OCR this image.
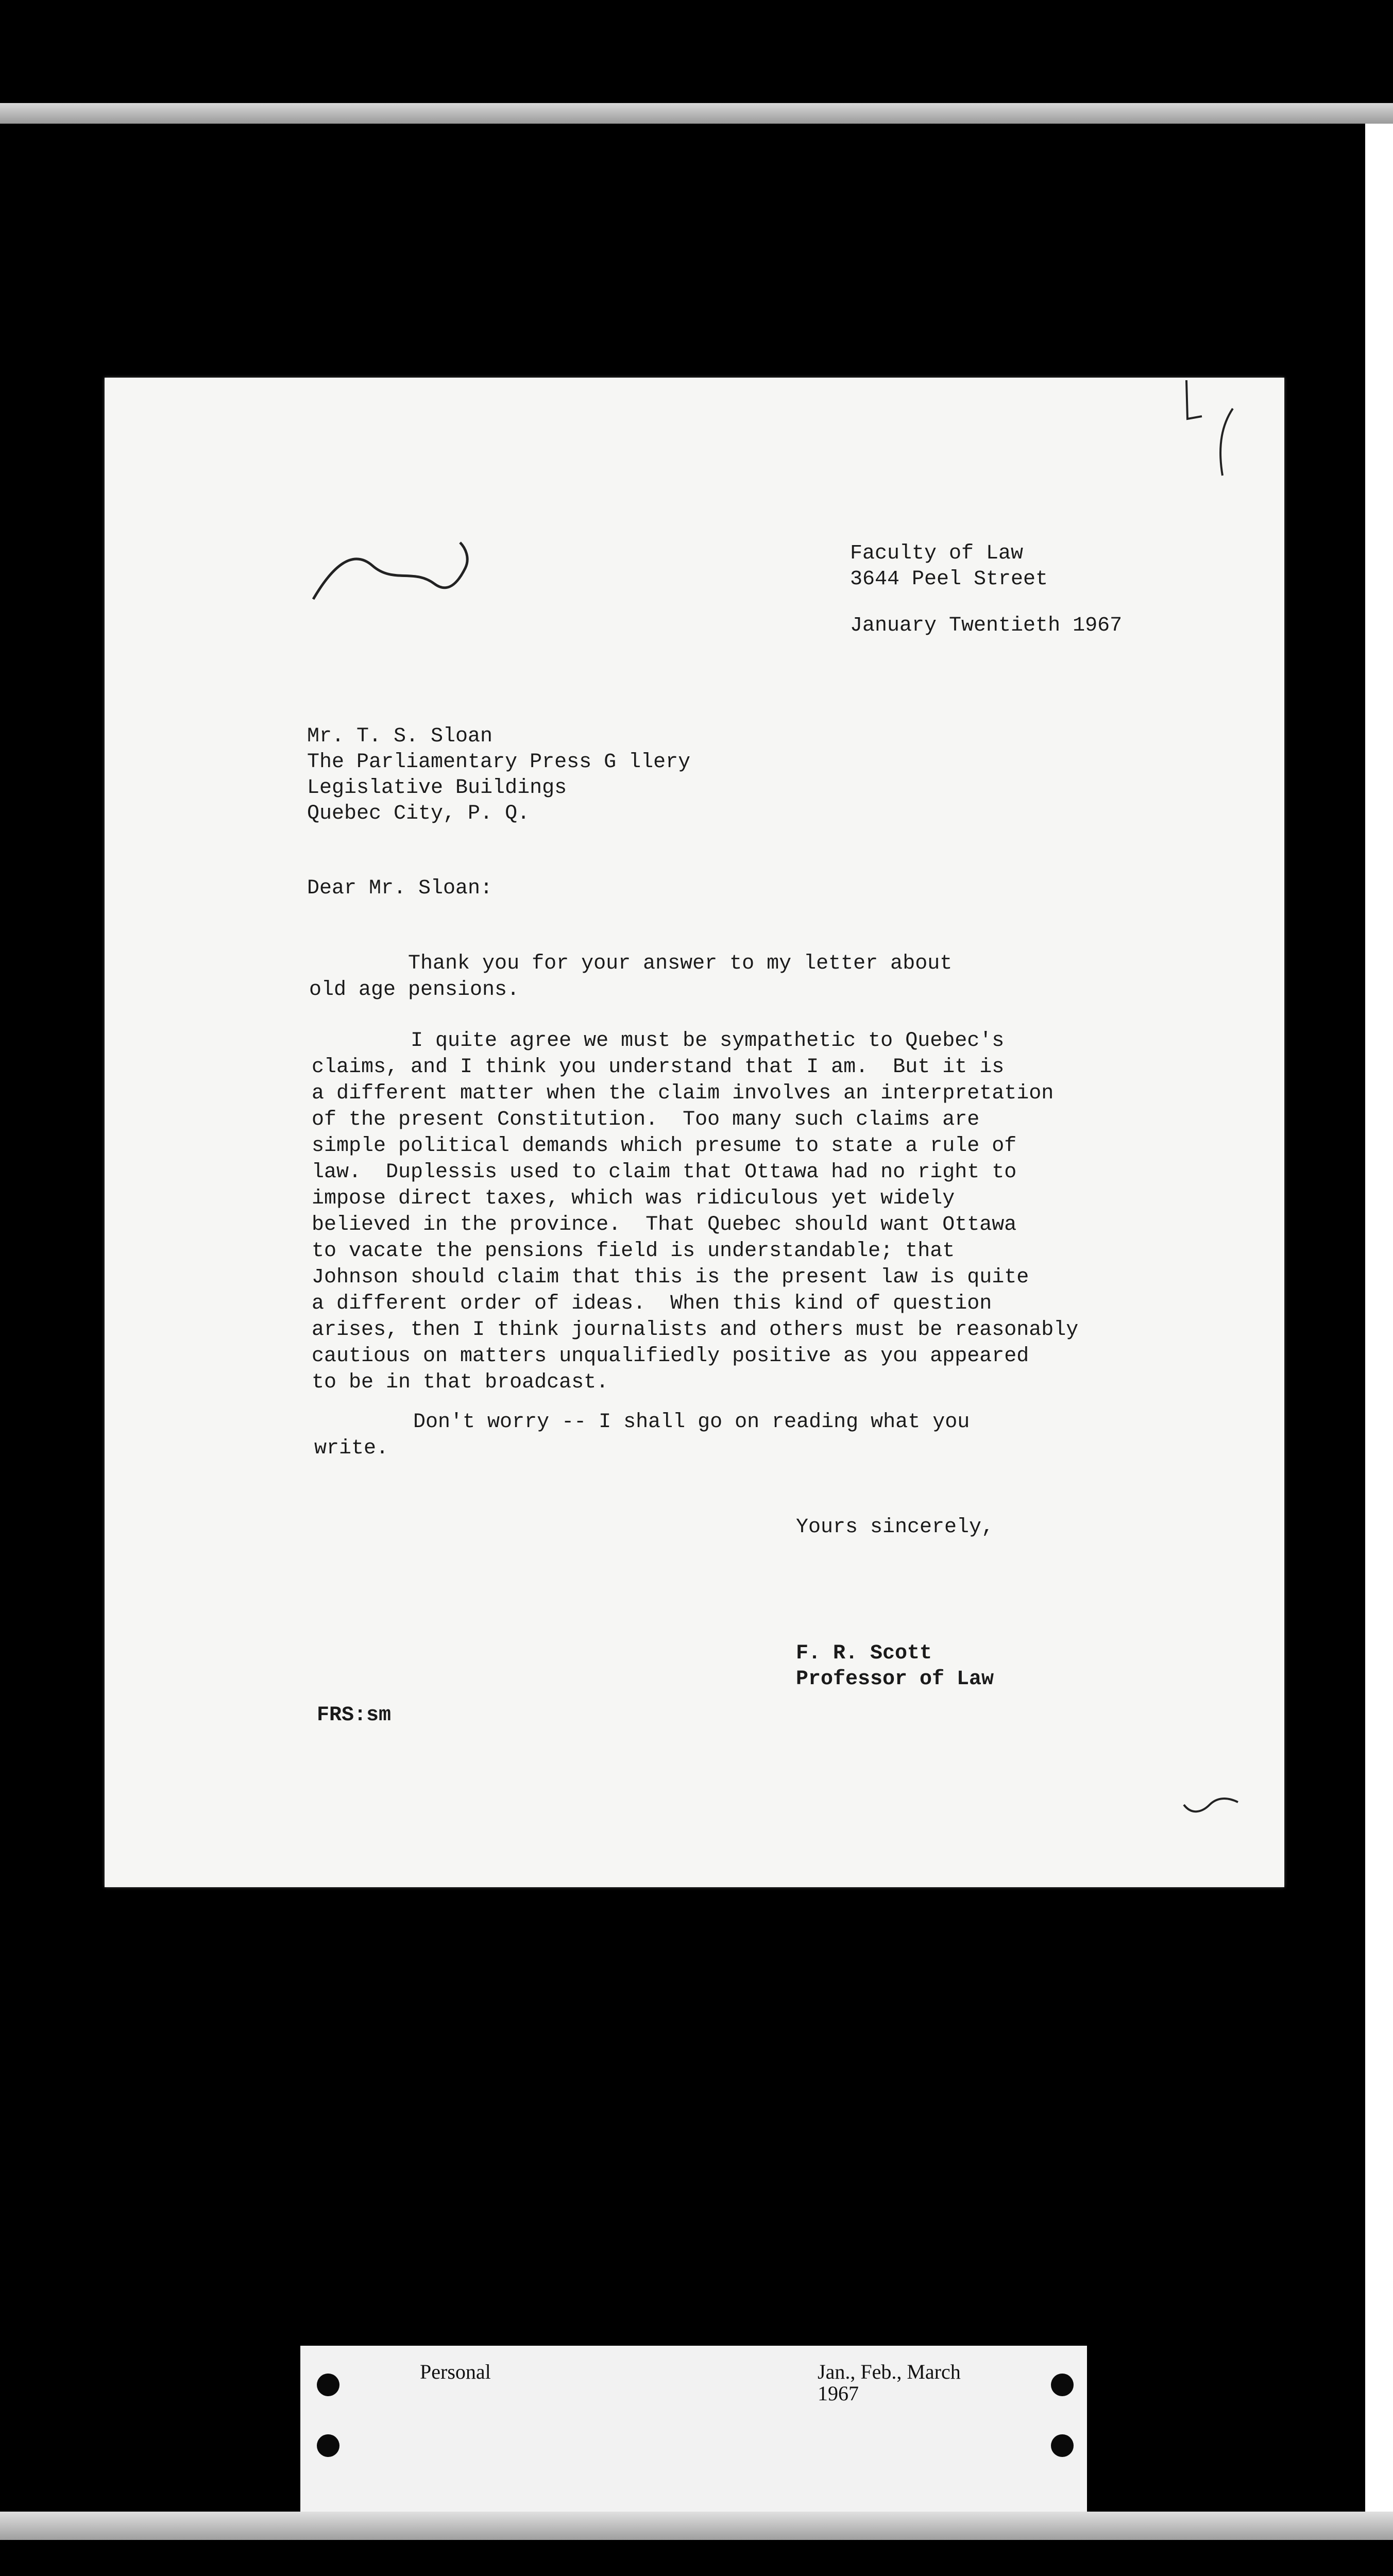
Faculty of Law

3644 Peel Street

January Twentieth 1967

Mr. T. S. Sloan

The Parliamentary Press G llery

Legislative Buildings

Quebec City, P. Q.

Dear Mr. Sloan:

Thank you for your answer to my letter about
old age pensions.
I quite agree we must be sympathetic to Quebec's
claims, and I think you understand that I am.  But it is
a different matter when the claim involves an interpretation
of the present Constitution.  Too many such claims are
simple political demands which presume to state a rule of
law.  Duplessis used to claim that Ottawa had no right to
impose direct taxes, which was ridiculous yet widely
believed in the province.  That Quebec should want Ottawa
to vacate the pensions field is understandable; that
Johnson should claim that this is the present law is quite
a different order of ideas.  When this kind of question
arises, then I think journalists and others must be reasonably
cautious on matters unqualifiedly positive as you appeared
to be in that broadcast.
Don't worry -- I shall go on reading what you
write.

Yours sincerely,

F. R. Scott

Professor of Law

FRS:sm

Personal	Jan., Feb., March

1967
